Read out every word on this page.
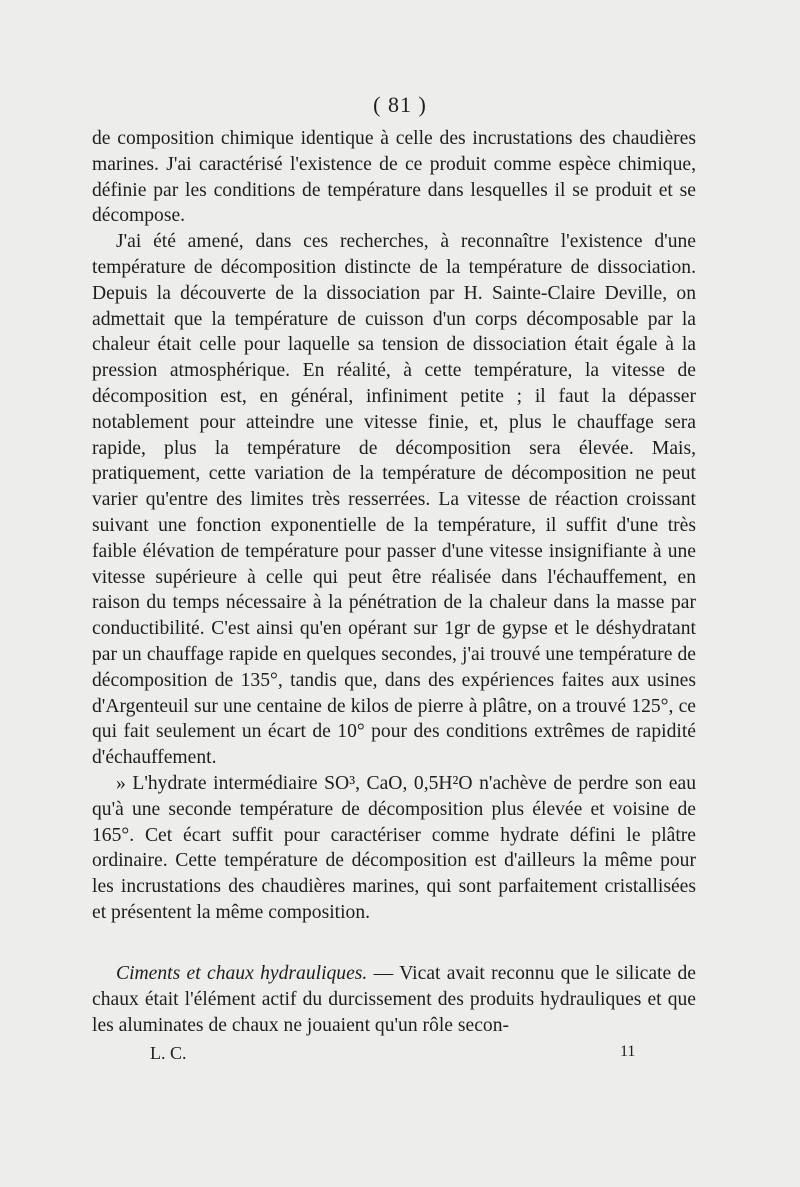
( 81 )

de composition chimique identique à celle des incrustations des chaudières marines. J'ai caractérisé l'existence de ce produit comme espèce chimique, définie par les conditions de température dans lesquelles il se produit et se décompose.

J'ai été amené, dans ces recherches, à reconnaître l'existence d'une température de décomposition distincte de la température de dissociation. Depuis la découverte de la dissociation par H. Sainte-Claire Deville, on admettait que la température de cuisson d'un corps décomposable par la chaleur était celle pour laquelle sa tension de dissociation était égale à la pression atmosphérique. En réalité, à cette température, la vitesse de décomposition est, en général, infiniment petite ; il faut la dépasser notablement pour atteindre une vitesse finie, et, plus le chauffage sera rapide, plus la température de décomposition sera élevée. Mais, pratiquement, cette variation de la température de décomposition ne peut varier qu'entre des limites très resserrées. La vitesse de réaction croissant suivant une fonction exponentielle de la température, il suffit d'une très faible élévation de température pour passer d'une vitesse insignifiante à une vitesse supérieure à celle qui peut être réalisée dans l'échauffement, en raison du temps nécessaire à la pénétration de la chaleur dans la masse par conductibilité. C'est ainsi qu'en opérant sur 1gr de gypse et le déshydratant par un chauffage rapide en quelques secondes, j'ai trouvé une température de décomposition de 135°, tandis que, dans des expériences faites aux usines d'Argenteuil sur une centaine de kilos de pierre à plâtre, on a trouvé 125°, ce qui fait seulement un écart de 10° pour des conditions extrêmes de rapidité d'échauffement.

» L'hydrate intermédiaire SO³, CaO, 0,5H²O n'achève de perdre son eau qu'à une seconde température de décomposition plus élevée et voisine de 165°. Cet écart suffit pour caractériser comme hydrate défini le plâtre ordinaire. Cette température de décomposition est d'ailleurs la même pour les incrustations des chaudières marines, qui sont parfaitement cristallisées et présentent la même composition.

Ciments et chaux hydrauliques. — Vicat avait reconnu que le silicate de chaux était l'élément actif du durcissement des produits hydrauliques et que les aluminates de chaux ne jouaient qu'un rôle secon-

L. C.	11
